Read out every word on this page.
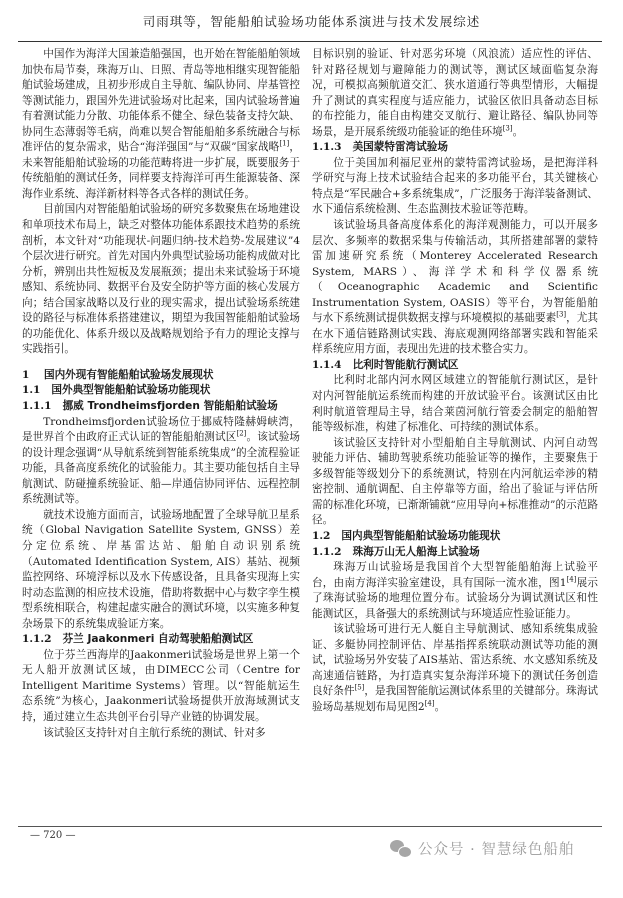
司雨琪等，智能船舶试验场功能体系演进与技术发展综述

中国作为海洋大国兼造船强国，也开始在智能船舶领域加快布局节奏，珠海万山、日照、青岛等地相继实现智能船舶试验场建成，且初步形成自主导航、编队协同、岸基管控等测试能力，跟国外先进试验场对比起来，国内试验场普遍有着测试能力分散、功能体系不健全、绿色装备支持欠缺、协同生态薄弱等毛病，尚难以契合智能船舶多系统融合与标准评估的复杂需求，贴合“海洋强国”与“双碳”国家战略[1]，未来智能船舶试验场的功能范畴将进一步扩展，既要服务于传统船舶的测试任务，同样要支持海洋可再生能源装备、深海作业系统、海洋新材料等各式各样的测试任务。

目前国内对智能船舶试验场的研究多数聚焦在场地建设和单项技术布局上，缺乏对整体功能体系跟技术趋势的系统剖析，本文针对“功能现状-问题归纳-技术趋势-发展建议”4个层次进行研究。首先对国内外典型试验场功能构成做对比分析，辨别出共性短板及发展瓶颈；提出未来试验场于环境感知、系统协同、数据平台及安全防护等方面的核心发展方向；结合国家战略以及行业的现实需求，提出试验场系统建设的路径与标准体系搭建建议，期望为我国智能船舶试验场的功能优化、体系升级以及战略规划给予有力的理论支撑与实践指引。

1 国内外现有智能船舶试验场发展现状

1.1 国外典型智能船舶试验场功能现状

1.1.1 挪威 Trondheimsfjorden 智能船舶试验场

Trondheimsfjorden试验场位于挪威特隆赫姆峡湾，是世界首个由政府正式认证的智能船舶测试区[2]。该试验场的设计理念强调“从导航系统到智能系统集成”的全流程验证功能，具备高度系统化的试验能力。其主要功能包括自主导航测试、防碰撞系统验证、船—岸通信协同评估、远程控制系统测试等。

就技术设施方面而言，试验场地配置了全球导航卫星系统（Global Navigation Satellite System, GNSS）差分定位系统、岸基雷达站、船舶自动识别系统（Automated Identification System, AIS）基站、视频监控网络、环境浮标以及水下传感设备，且具备实现海上实时动态监测的相应技术设施，借助将数据中心与数字孪生模型系统相联合，构建起虚实融合的测试环境，以实施多种复杂场景下的系统集成验证方案。

1.1.2 芬兰 Jaakonmeri 自动驾驶船舶测试区

位于芬兰西海岸的Jaakonmeri试验场是世界上第一个无人船开放测试区域，由DIMECC公司（Centre for Intelligent Maritime Systems）管理。以“智能航运生态系统”为核心，Jaakonmeri试验场提供开放海域测试支持，通过建立生态共创平台引导产业链的协调发展。

该试验区支持针对自主航行系统的测试、针对多

目标识别的验证、针对恶劣环境（风浪流）适应性的评估、针对路径规划与避障能力的测试等，测试区域面临复杂海况，可模拟高频航道交汇、狭水道通行等典型情形，大幅提升了测试的真实程度与适应能力，试验区依旧具备动态目标的布控能力，能自由构建交叉航行、避让路径、编队协同等场景，是开展系统级功能验证的绝佳环境[3]。

1.1.3 美国蒙特雷湾试验场

位于美国加利福尼亚州的蒙特雷湾试验场，是把海洋科学研究与海上技术试验结合起来的多功能平台，其关键核心特点是“军民融合+多系统集成”，广泛服务于海洋装备测试、水下通信系统检测、生态监测技术验证等范畴。

该试验场具备高度体系化的海洋观测能力，可以开展多层次、多频率的数据采集与传输活动，其所搭建部署的蒙特雷加速研究系统（Monterey Accelerated Research System, MARS）、海洋学术和科学仪器系统（Oceanographic Academic and Scientific Instrumentation System, OASIS）等平台，为智能船舶与水下系统测试提供数据支撑与环境模拟的基础要素[3]，尤其在水下通信链路测试实践、海底观测网络部署实践和智能采样系统应用方面，表现出先进的技术整合实力。

1.1.4 比利时智能航行测试区

比利时北部内河水网区域建立的智能航行测试区，是针对内河智能航运系统而构建的开放试验平台。该测试区由比利时航道管理局主导，结合莱茵河航行管委会制定的船舶智能等级标准，构建了标准化、可持续的测试体系。

该试验区支持针对小型船舶自主导航测试、内河自动驾驶能力评估、辅助驾驶系统功能验证等的操作，主要聚焦于多级智能等级划分下的系统测试，特别在内河航运牵涉的精密控制、通航调配、自主停靠等方面，给出了验证与评估所需的标准化环境，已渐渐铺就“应用导向+标准推动”的示范路径。

1.2 国内典型智能船舶试验场功能现状

1.1.2 珠海万山无人船海上试验场

珠海万山试验场是我国首个大型智能船舶海上试验平台，由南方海洋实验室建设，具有国际一流水准，图1[4]展示了珠海试验场的地理位置分布。试验场分为调试测试区和性能测试区，具备强大的系统测试与环境适应性验证能力。

该试验场可进行无人艇自主导航测试、感知系统集成验证、多艇协同控制评估、岸基指挥系统联动测试等功能的测试，试验场另外安装了AIS基站、雷达系统、水文感知系统及高速通信链路，为打造真实复杂海洋环境下的测试任务创造良好条件[5]，是我国智能航运测试体系里的关键部分。珠海试验场岛基规划布局见图2[4]。

— 720 —
公众号 · 智慧绿色船舶
